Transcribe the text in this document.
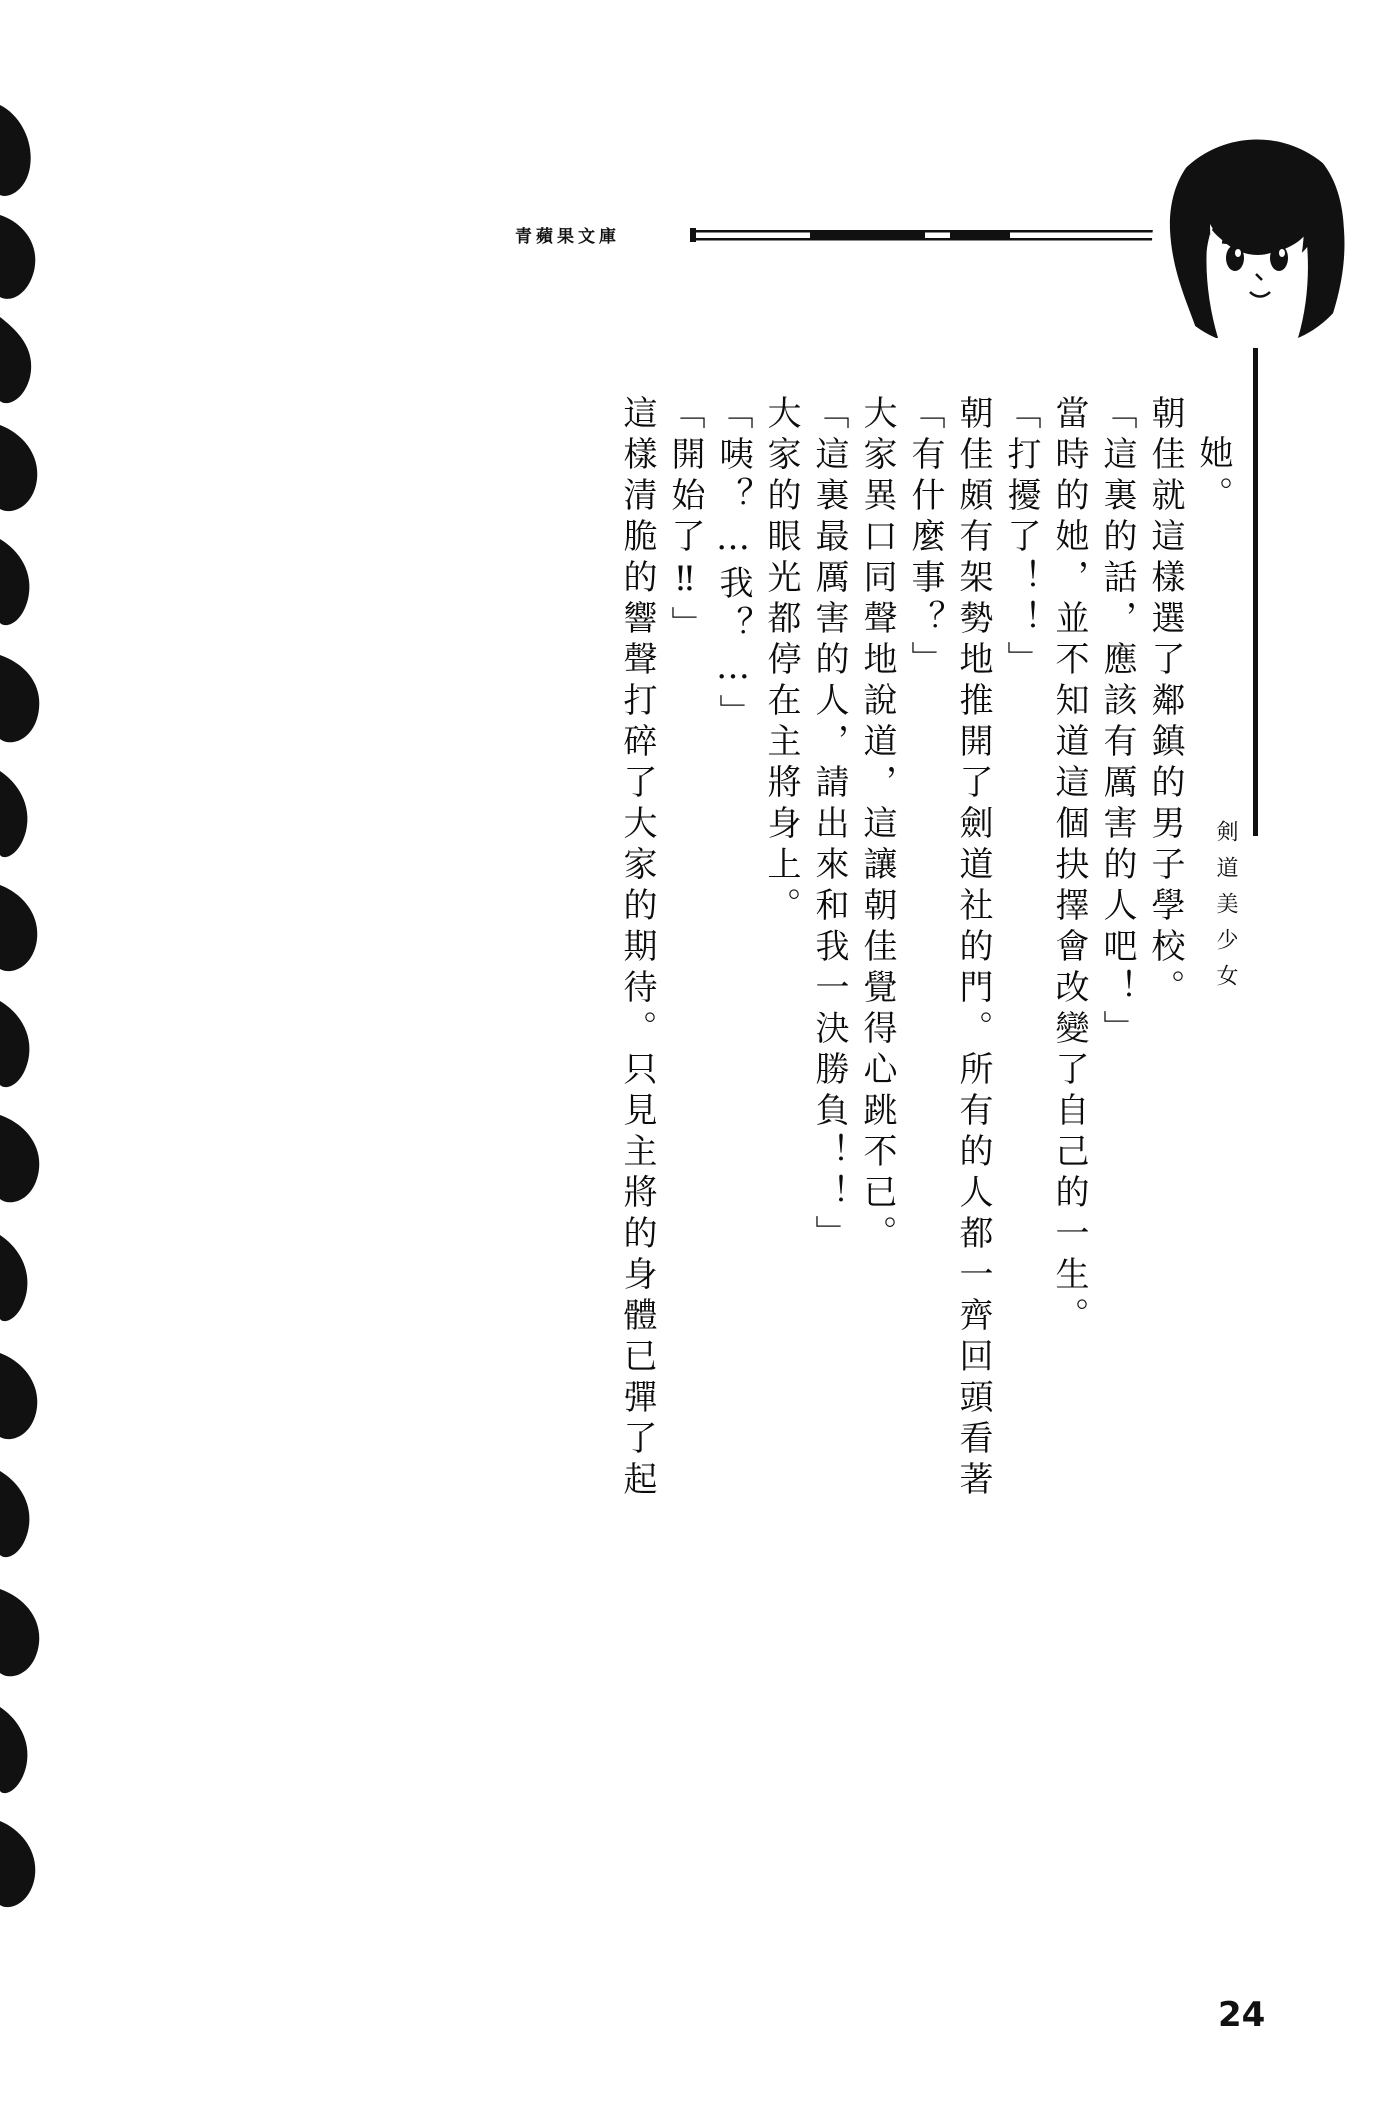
青蘋果文庫
剣道美少女
她。
朝佳就這樣選了鄰鎮的男子學校。
「這裏的話，應該有厲害的人吧！」
當時的她，並不知道這個抉擇會改變了自己的一生。
「打擾了！！」
朝佳頗有架勢地推開了劍道社的門。所有的人都一齊回頭看著
「有什麼事？」
大家異口同聲地說道，這讓朝佳覺得心跳不已。
「這裏最厲害的人，請出來和我一決勝負！！」
大家的眼光都停在主將身上。
「咦？…我？…」
「開始了‼」
這樣清脆的響聲打碎了大家的期待。只見主將的身體已彈了起
24
